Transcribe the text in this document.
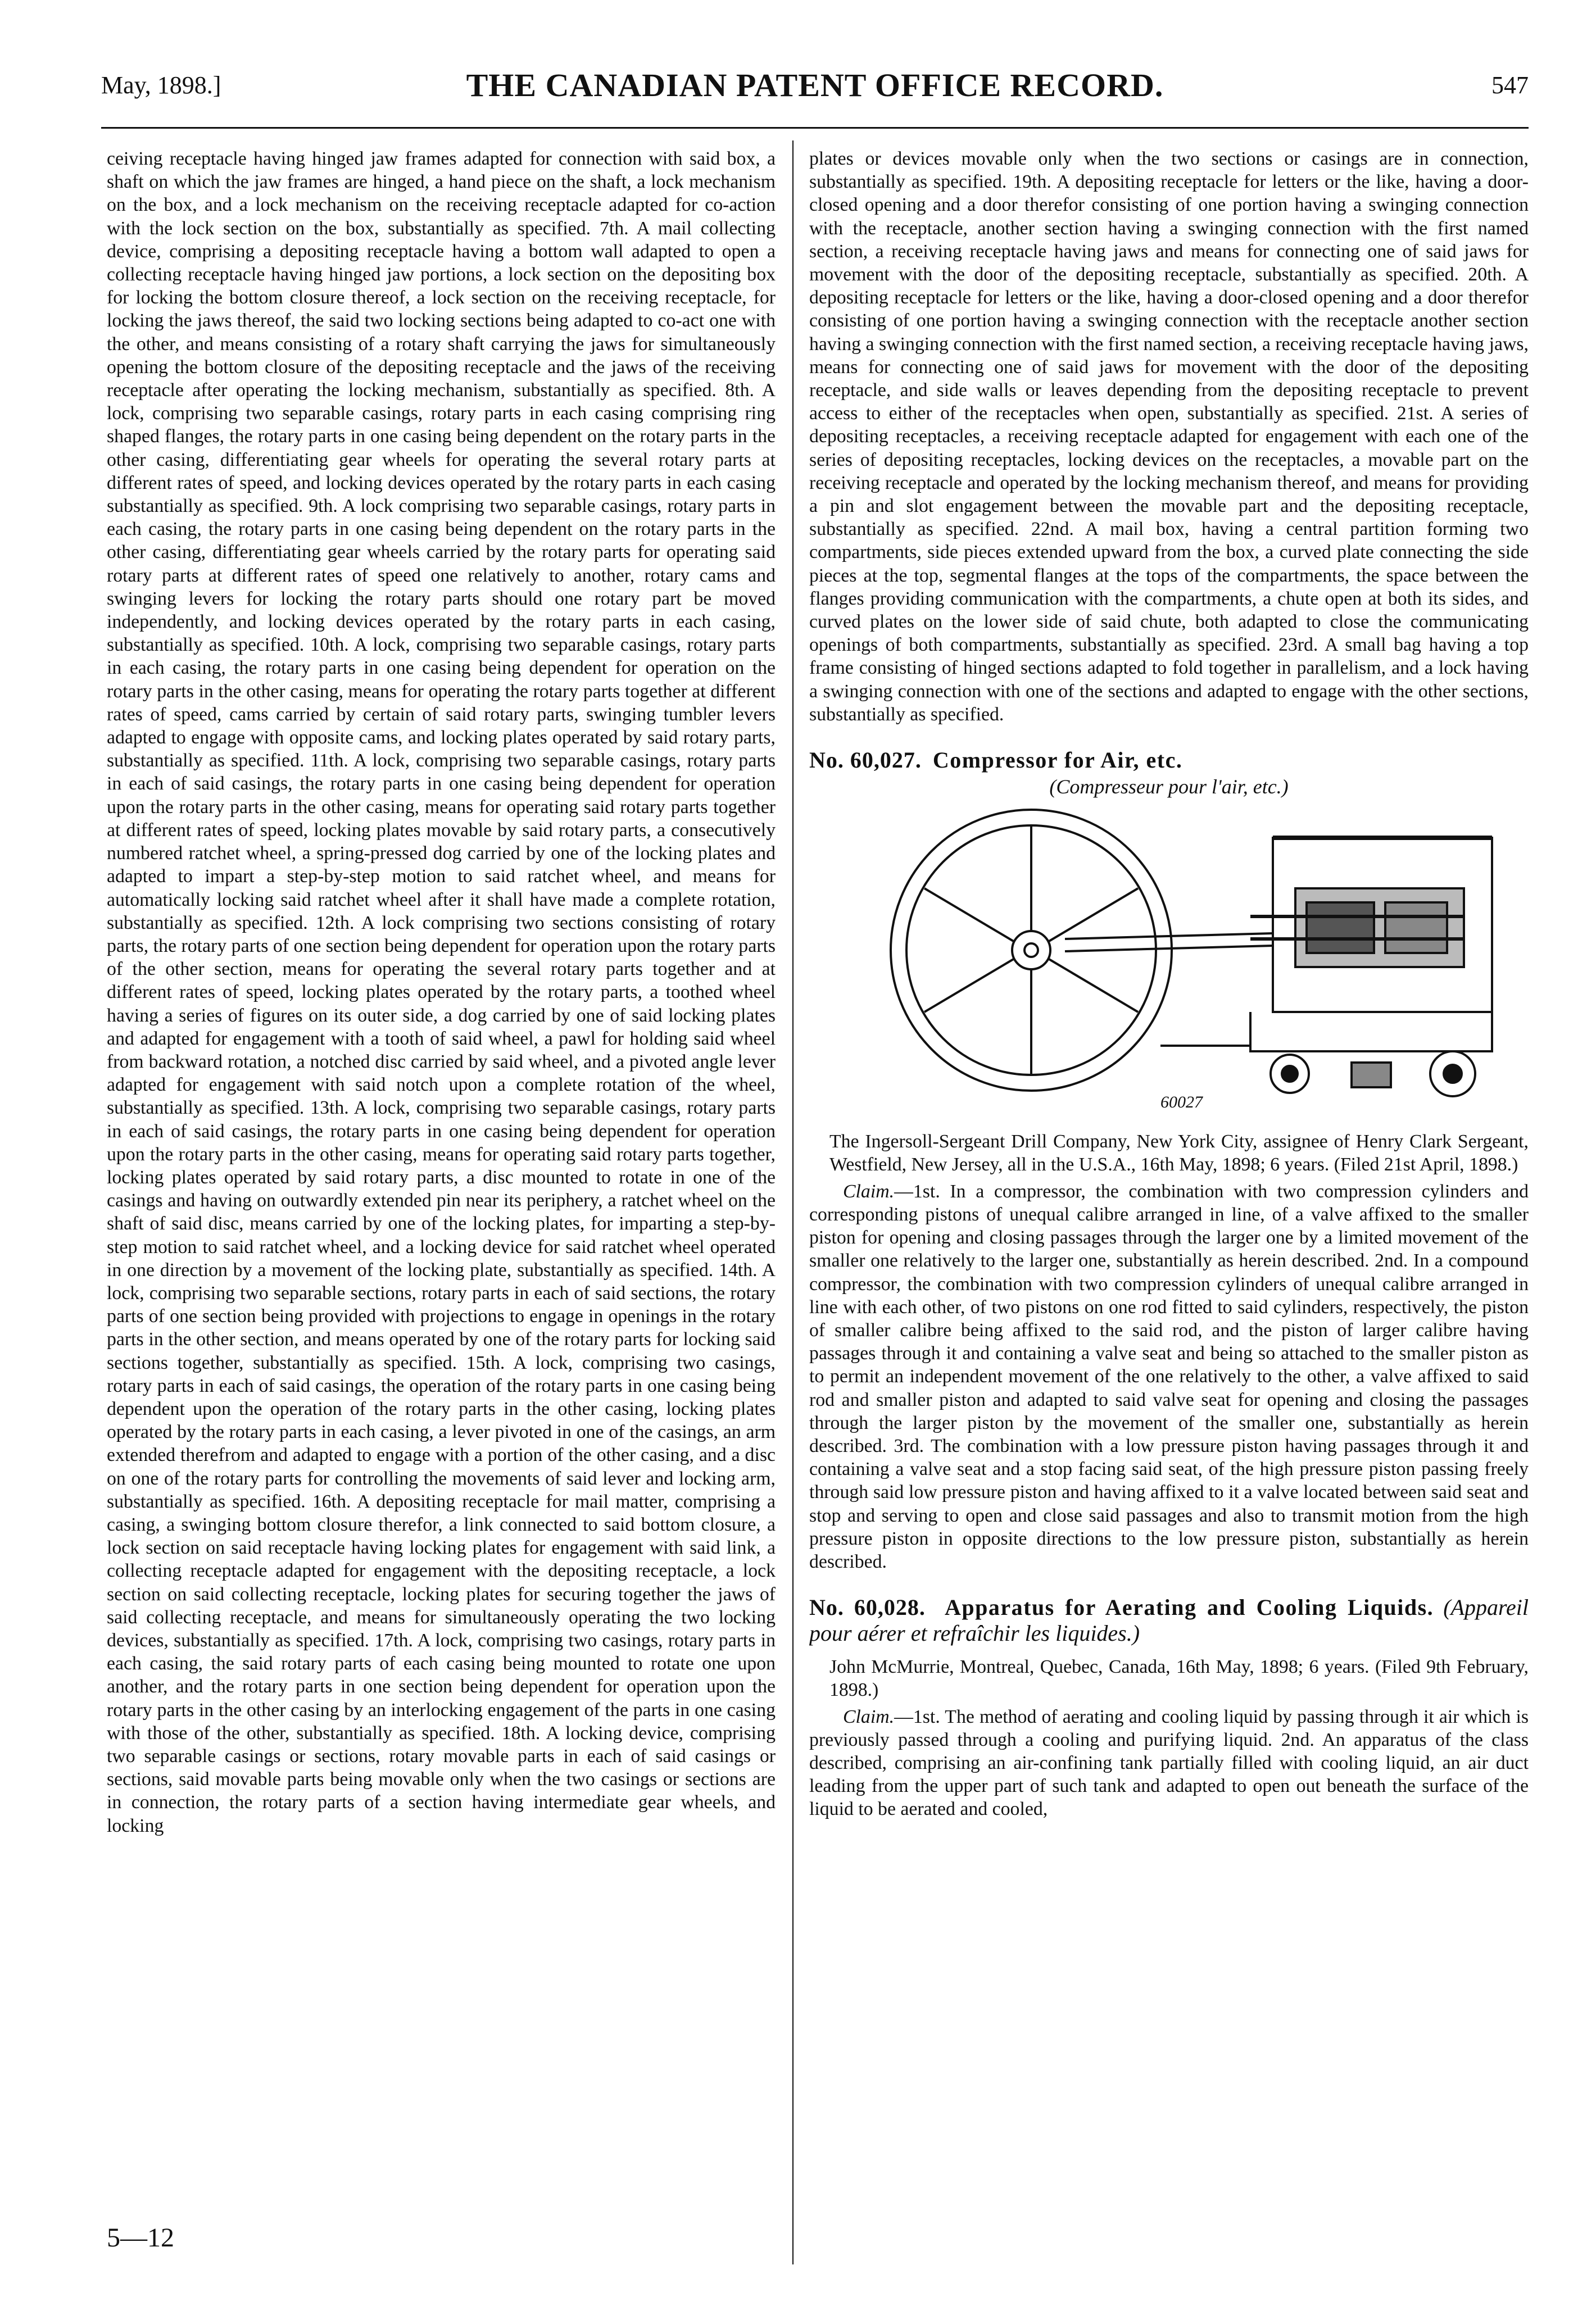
May, 1898.]	THE CANADIAN PATENT OFFICE RECORD.	547

ceiving receptacle having hinged jaw frames adapted for connection with said box, a shaft on which the jaw frames are hinged, a hand piece on the shaft, a lock mechanism on the box, and a lock mechanism on the receiving receptacle adapted for co-action with the lock section on the box, substantially as specified. 7th. A mail collecting device, comprising a depositing receptacle having a bottom wall adapted to open a collecting receptacle having hinged jaw portions, a lock section on the depositing box for locking the bottom closure thereof, a lock section on the receiving receptacle, for locking the jaws thereof, the said two locking sections being adapted to co-act one with the other, and means consisting of a rotary shaft carrying the jaws for simultaneously opening the bottom closure of the depositing receptacle and the jaws of the receiving receptacle after operating the locking mechanism, substantially as specified. 8th. A lock, comprising two separable casings, rotary parts in each casing comprising ring shaped flanges, the rotary parts in one casing being dependent on the rotary parts in the other casing, differentiating gear wheels for operating the several rotary parts at different rates of speed, and locking devices operated by the rotary parts in each casing substantially as specified. 9th. A lock comprising two separable casings, rotary parts in each casing, the rotary parts in one casing being dependent on the rotary parts in the other casing, differentiating gear wheels carried by the rotary parts for operating said rotary parts at different rates of speed one relatively to another, rotary cams and swinging levers for locking the rotary parts should one rotary part be moved independently, and locking devices operated by the rotary parts in each casing, substantially as specified. 10th. A lock, comprising two separable casings, rotary parts in each casing, the rotary parts in one casing being dependent for operation on the rotary parts in the other casing, means for operating the rotary parts together at different rates of speed, cams carried by certain of said rotary parts, swinging tumbler levers adapted to engage with opposite cams, and locking plates operated by said rotary parts, substantially as specified. 11th. A lock, comprising two separable casings, rotary parts in each of said casings, the rotary parts in one casing being dependent for operation upon the rotary parts in the other casing, means for operating said rotary parts together at different rates of speed, locking plates movable by said rotary parts, a consecutively numbered ratchet wheel, a spring-pressed dog carried by one of the locking plates and adapted to impart a step-by-step motion to said ratchet wheel, and means for automatically locking said ratchet wheel after it shall have made a complete rotation, substantially as specified. 12th. A lock comprising two sections consisting of rotary parts, the rotary parts of one section being dependent for operation upon the rotary parts of the other section, means for operating the several rotary parts together and at different rates of speed, locking plates operated by the rotary parts, a toothed wheel having a series of figures on its outer side, a dog carried by one of said locking plates and adapted for engagement with a tooth of said wheel, a pawl for holding said wheel from backward rotation, a notched disc carried by said wheel, and a pivoted angle lever adapted for engagement with said notch upon a complete rotation of the wheel, substantially as specified. 13th. A lock, comprising two separable casings, rotary parts in each of said casings, the rotary parts in one casing being dependent for operation upon the rotary parts in the other casing, means for operating said rotary parts together, locking plates operated by said rotary parts, a disc mounted to rotate in one of the casings and having on outwardly extended pin near its periphery, a ratchet wheel on the shaft of said disc, means carried by one of the locking plates, for imparting a step-by-step motion to said ratchet wheel, and a locking device for said ratchet wheel operated in one direction by a movement of the locking plate, substantially as specified. 14th. A lock, comprising two separable sections, rotary parts in each of said sections, the rotary parts of one section being provided with projections to engage in openings in the rotary parts in the other section, and means operated by one of the rotary parts for locking said sections together, substantially as specified. 15th. A lock, comprising two casings, rotary parts in each of said casings, the operation of the rotary parts in one casing being dependent upon the operation of the rotary parts in the other casing, locking plates operated by the rotary parts in each casing, a lever pivoted in one of the casings, an arm extended therefrom and adapted to engage with a portion of the other casing, and a disc on one of the rotary parts for controlling the movements of said lever and locking arm, substantially as specified. 16th. A depositing receptacle for mail matter, comprising a casing, a swinging bottom closure therefor, a link connected to said bottom closure, a lock section on said receptacle having locking plates for engagement with said link, a collecting receptacle adapted for engagement with the depositing receptacle, a lock section on said collecting receptacle, locking plates for securing together the jaws of said collecting receptacle, and means for simultaneously operating the two locking devices, substantially as specified. 17th. A lock, comprising two casings, rotary parts in each casing, the said rotary parts of each casing being mounted to rotate one upon another, and the rotary parts in one section being dependent for operation upon the rotary parts in the other casing by an interlocking engagement of the parts in one casing with those of the other, substantially as specified. 18th. A locking device, comprising two separable casings or sections, rotary movable parts in each of said casings or sections, said movable parts being movable only when the two casings or sections are in connection, the rotary parts of a section having intermediate gear wheels, and locking

plates or devices movable only when the two sections or casings are in connection, substantially as specified. 19th. A depositing receptacle for letters or the like, having a door-closed opening and a door therefor consisting of one portion having a swinging connection with the receptacle, another section having a swinging connection with the first named section, a receiving receptacle having jaws and means for connecting one of said jaws for movement with the door of the depositing receptacle, substantially as specified. 20th. A depositing receptacle for letters or the like, having a door-closed opening and a door therefor consisting of one portion having a swinging connection with the receptacle another section having a swinging connection with the first named section, a receiving receptacle having jaws, means for connecting one of said jaws for movement with the door of the depositing receptacle, and side walls or leaves depending from the depositing receptacle to prevent access to either of the receptacles when open, substantially as specified. 21st. A series of depositing receptacles, a receiving receptacle adapted for engagement with each one of the series of depositing receptacles, locking devices on the receptacles, a movable part on the receiving receptacle and operated by the locking mechanism thereof, and means for providing a pin and slot engagement between the movable part and the depositing receptacle, substantially as specified. 22nd. A mail box, having a central partition forming two compartments, side pieces extended upward from the box, a curved plate connecting the side pieces at the top, segmental flanges at the tops of the compartments, the space between the flanges providing communication with the compartments, a chute open at both its sides, and curved plates on the lower side of said chute, both adapted to close the communicating openings of both compartments, substantially as specified. 23rd. A small bag having a top frame consisting of hinged sections adapted to fold together in parallelism, and a lock having a swinging connection with one of the sections and adapted to engage with the other sections, substantially as specified.

No. 60,027. Compressor for Air, etc.
(Compresseur pour l'air, etc.)
60027

The Ingersoll-Sergeant Drill Company, New York City, assignee of Henry Clark Sergeant, Westfield, New Jersey, all in the U.S.A., 16th May, 1898; 6 years. (Filed 21st April, 1898.)

Claim.—1st. In a compressor, the combination with two compression cylinders and corresponding pistons of unequal calibre arranged in line, of a valve affixed to the smaller piston for opening and closing passages through the larger one by a limited movement of the smaller one relatively to the larger one, substantially as herein described. 2nd. In a compound compressor, the combination with two compression cylinders of unequal calibre arranged in line with each other, of two pistons on one rod fitted to said cylinders, respectively, the piston of smaller calibre being affixed to the said rod, and the piston of larger calibre having passages through it and containing a valve seat and being so attached to the smaller piston as to permit an independent movement of the one relatively to the other, a valve affixed to said rod and smaller piston and adapted to said valve seat for opening and closing the passages through the larger piston by the movement of the smaller one, substantially as herein described. 3rd. The combination with a low pressure piston having passages through it and containing a valve seat and a stop facing said seat, of the high pressure piston passing freely through said low pressure piston and having affixed to it a valve located between said seat and stop and serving to open and close said passages and also to transmit motion from the high pressure piston in opposite directions to the low pressure piston, substantially as herein described.

No. 60,028. Apparatus for Aerating and Cooling Liquids. (Appareil pour aérer et refraîchir les liquides.)

John McMurrie, Montreal, Quebec, Canada, 16th May, 1898; 6 years. (Filed 9th February, 1898.)

Claim.—1st. The method of aerating and cooling liquid by passing through it air which is previously passed through a cooling and purifying liquid. 2nd. An apparatus of the class described, comprising an air-confining tank partially filled with cooling liquid, an air duct leading from the upper part of such tank and adapted to open out beneath the surface of the liquid to be aerated and cooled,

5—12
